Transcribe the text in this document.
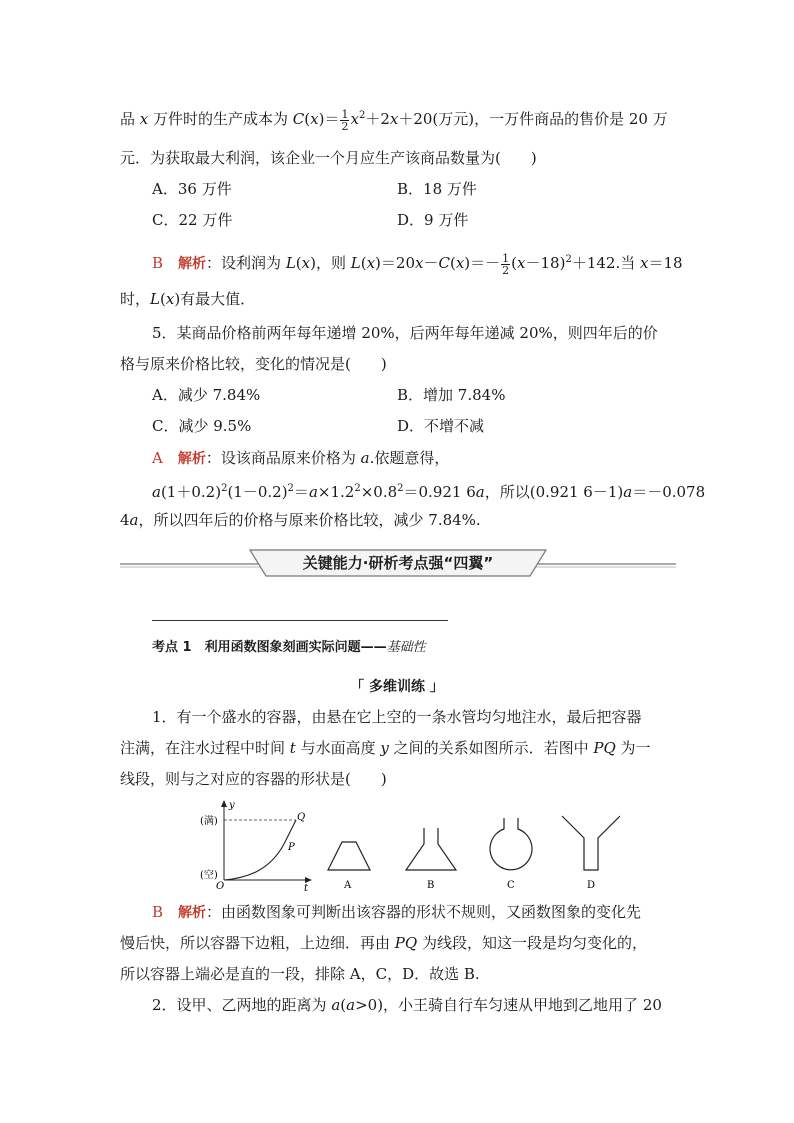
品 x 万件时的生产成本为 $C(x)= \frac{1}{2} x^2+2x+20$(万元)，一万件商品的售价是 20 万
元．为获取最大利润，该企业一个月应生产该商品数量为(　　)
A．36 万件	B．18 万件
C．22 万件	D．9 万件
B　 解析：设利润为 L(x)，则 $L(x)=20x-C(x)=- \frac{1}{2} (x-18)^2+142$.当 x＝18
时，L(x)有最大值．
5．某商品价格前两年每年递增 20%，后两年每年递减 20%，则四年后的价
格与原来价格比较，变化的情况是(　　)
A．减少 7.84%	B．增加 7.84%
C．减少 9.5%	D．不增不减
A　 解析：设该商品原来价格为 a.依题意得，
$a(1+0.2)^2(1-0.2)^2=a\times 1.2^2\times 0.8^2=0.921$ 6a，所以(0.921 6－1)a＝－0.078
4a，所以四年后的价格与原来价格比较，减少 7.84%.
关键能力·研析考点强“四翼”
考点 1　利用函数图象刻画实际问题——基础性
「 多维训练 」
1．有一个盛水的容器，由悬在它上空的一条水管均匀地注水，最后把容器
注满，在注水过程中时间 t 与水面高度 y 之间的关系如图所示．若图中 PQ 为一
线段，则与之对应的容器的形状是(　　)
y
(满)
(空)
O	t
P
Q
A	B	C	D
B　 解析：由函数图象可判断出该容器的形状不规则，又函数图象的变化先
慢后快，所以容器下边粗，上边细．再由 PQ 为线段，知这一段是均匀变化的，
所以容器上端必是直的一段，排除 A，C，D．故选 B.
2．设甲、乙两地的距离为 a(a>0)，小王骑自行车匀速从甲地到乙地用了 20
